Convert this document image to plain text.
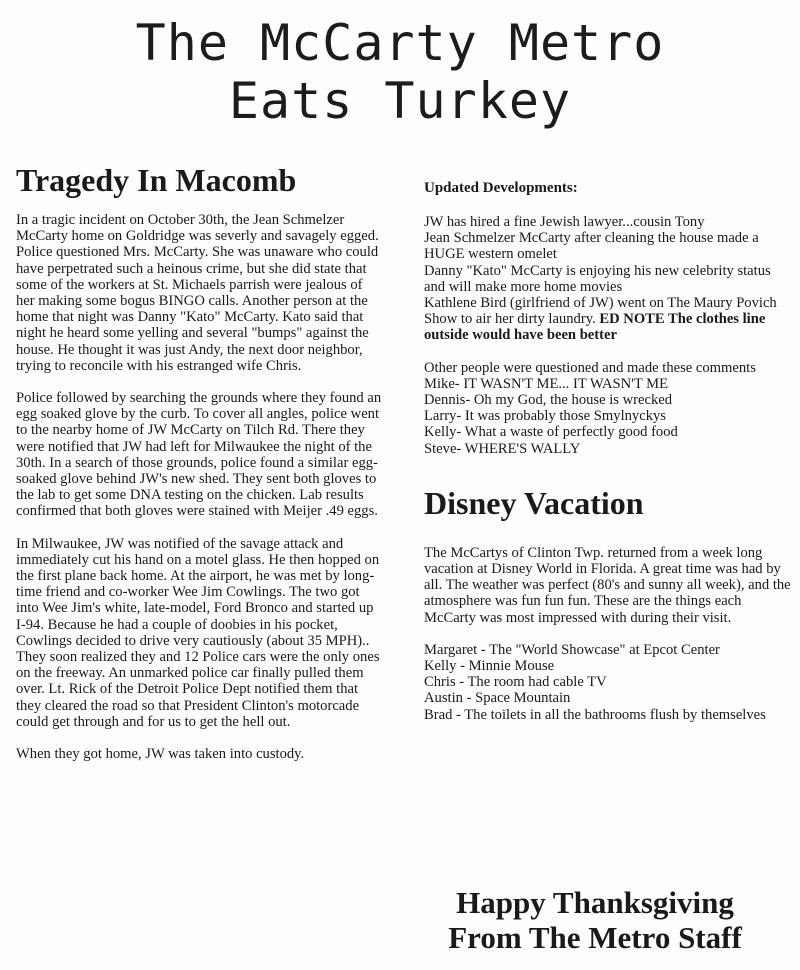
The McCarty Metro
Eats Turkey
Tragedy In Macomb

In a tragic incident on October 30th, the Jean Schmelzer McCarty home on Goldridge was severly and savagely egged. Police questioned Mrs. McCarty. She was unaware who could have perpetrated such a heinous crime, but she did state that some of the workers at St. Michaels parrish were jealous of her making some bogus BINGO calls. Another person at the home that night was Danny "Kato" McCarty. Kato said that night he heard some yelling and several "bumps" against the house. He thought it was just Andy, the next door neighbor, trying to reconcile with his estranged wife Chris.

Police followed by searching the grounds where they found an egg soaked glove by the curb. To cover all angles, police went to the nearby home of JW McCarty on Tilch Rd. There they were notified that JW had left for Milwaukee the night of the 30th. In a search of those grounds, police found a similar egg-soaked glove behind JW's new shed. They sent both gloves to the lab to get some DNA testing on the chicken. Lab results confirmed that both gloves were stained with Meijer .49 eggs.

In Milwaukee, JW was notified of the savage attack and immediately cut his hand on a motel glass. He then hopped on the first plane back home. At the airport, he was met by long-time friend and co-worker Wee Jim Cowlings. The two got into Wee Jim's white, late-model, Ford Bronco and started up I-94. Because he had a couple of doobies in his pocket, Cowlings decided to drive very cautiously (about 35 MPH).. They soon realized they and 12 Police cars were the only ones on the freeway. An unmarked police car finally pulled them over. Lt. Rick of the Detroit Police Dept notified them that they cleared the road so that President Clinton's motorcade could get through and for us to get the hell out.

When they got home, JW was taken into custody.

Updated Developments:
JW has hired a fine Jewish lawyer...cousin Tony
Jean Schmelzer McCarty after cleaning the house made a HUGE western omelet
Danny "Kato" McCarty is enjoying his new celebrity status and will make more home movies
Kathlene Bird (girlfriend of JW) went on The Maury Povich Show to air her dirty laundry. ED NOTE The clothes line outside would have been better

Other people were questioned and made these comments

Mike- IT WASN'T ME... IT WASN'T ME
Dennis- Oh my God, the house is wrecked
Larry- It was probably those Smylnyckys
Kelly- What a waste of perfectly good food
Steve- WHERE'S WALLY
Disney Vacation

The McCartys of Clinton Twp. returned from a week long vacation at Disney World in Florida. A great time was had by all. The weather was perfect (80's and sunny all week), and the atmosphere was fun fun fun. These are the things each McCarty was most impressed with during their visit.

Margaret - The "World Showcase" at Epcot Center
Kelly - Minnie Mouse
Chris - The room had cable TV
Austin - Space Mountain
Brad - The toilets in all the bathrooms flush by themselves
Happy Thanksgiving
From The Metro Staff
